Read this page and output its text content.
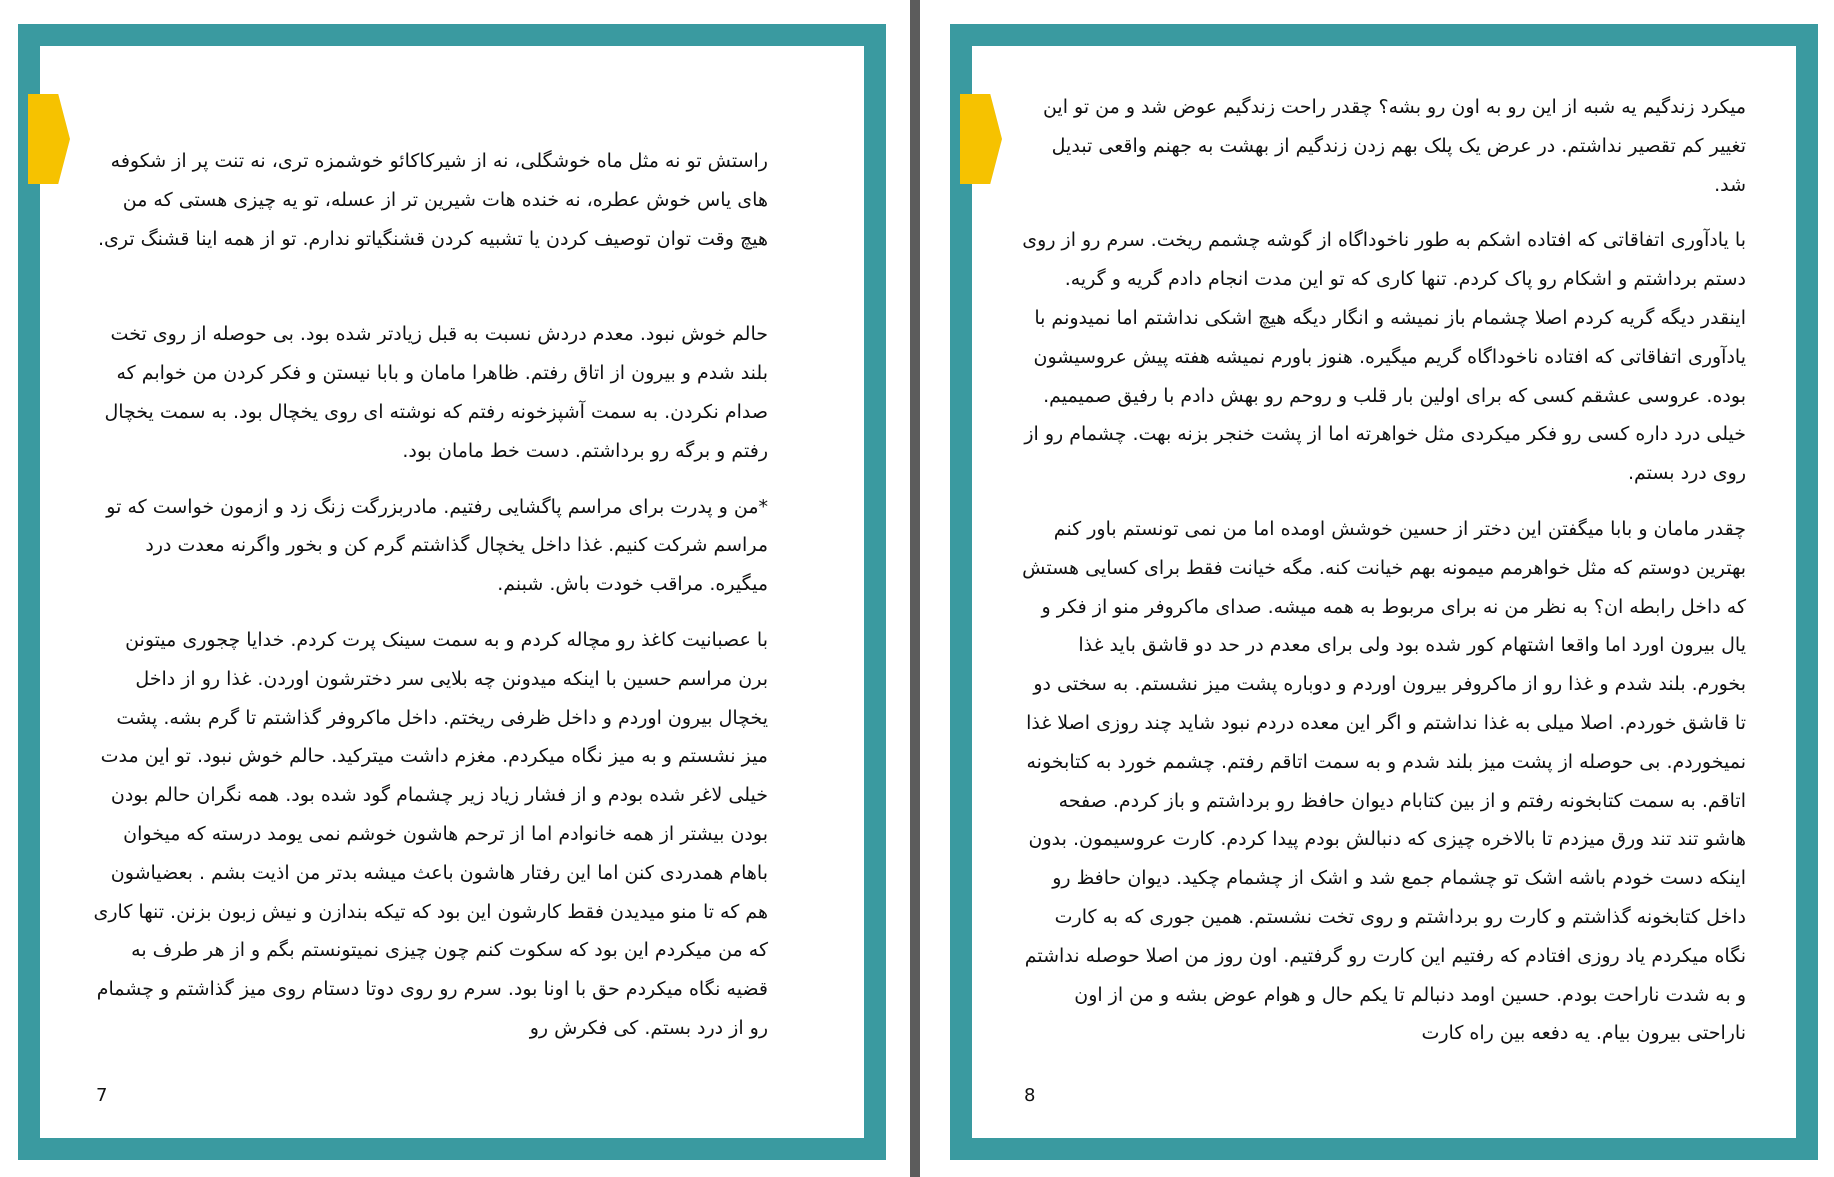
راستش تو نه مثل ماه خوشگلی، نه از شیرکاکائو خوشمزه تری، نه تنت پر از شکوفه های یاس خوش عطره، نه خنده هات شیرین تر از عسله، تو یه چیزی هستی که من هیچ وقت توان توصیف کردن یا تشبیه کردن قشنگیاتو ندارم. تو از همه اینا قشنگ تری.

حالم خوش نبود. معدم دردش نسبت به قبل زیادتر شده بود. بی حوصله از روی تخت بلند شدم و بیرون از اتاق رفتم. ظاهرا مامان و بابا نیستن و فکر کردن من خوابم که صدام نکردن. به سمت آشپزخونه رفتم که نوشته ای روی یخچال بود. به سمت یخچال رفتم و برگه رو برداشتم. دست خط مامان بود.

*من و پدرت برای مراسم پاگشایی رفتیم. مادربزرگت زنگ زد و ازمون خواست که تو مراسم شرکت کنیم. غذا داخل یخچال گذاشتم گرم کن و بخور واگرنه معدت درد میگیره. مراقب خودت باش. شبنم.

با عصبانیت کاغذ رو مچاله کردم و به سمت سینک پرت کردم. خدایا چجوری میتونن برن مراسم حسین با اینکه میدونن چه بلایی سر دخترشون اوردن. غذا رو از داخل یخچال بیرون اوردم و داخل ظرفی ریختم. داخل ماکروفر گذاشتم تا گرم بشه. پشت میز نشستم و به میز نگاه میکردم. مغزم داشت میترکید. حالم خوش نبود. تو این مدت خیلی لاغر شده بودم و از فشار زیاد زیر چشمام گود شده بود. همه نگران حالم بودن بودن بیشتر از همه خانوادم اما از ترحم هاشون خوشم نمی یومد درسته که میخوان باهام همدردی کنن اما این رفتار هاشون باعث میشه بدتر من اذیت بشم . بعضیاشون هم که تا منو میدیدن فقط کارشون این بود که تیکه بندازن و نیش زبون بزنن. تنها کاری که من میکردم این بود که سکوت کنم چون چیزی نمیتونستم بگم و از هر طرف به قضیه نگاه میکردم حق با اونا بود. سرم رو روی دوتا دستام روی میز گذاشتم و چشمام رو از درد بستم. کی فکرش رو

7

میکرد زندگیم یه شبه از این رو به اون رو بشه؟ چقدر راحت زندگیم عوض شد و من تو این تغییر کم تقصیر نداشتم. در عرض یک پلک بهم زدن زندگیم از بهشت به جهنم واقعی تبدیل شد.

با یادآوری اتفاقاتی که افتاده اشکم به طور ناخوداگاه از گوشه چشمم ریخت. سرم رو از روی دستم برداشتم و اشکام رو پاک کردم. تنها کاری که تو این مدت انجام دادم گریه و گریه. اینقدر دیگه گریه کردم اصلا چشمام باز نمیشه و انگار دیگه هیچ اشکی نداشتم اما نمیدونم با یادآوری اتفاقاتی که افتاده ناخوداگاه گریم میگیره. هنوز باورم نمیشه هفته پیش عروسیشون بوده. عروسی عشقم کسی که برای اولین بار قلب و روحم رو بهش دادم با رفیق صمیمیم. خیلی درد داره کسی رو فکر میکردی مثل خواهرته اما از پشت خنجر بزنه بهت. چشمام رو از روی درد بستم.

چقدر مامان و بابا میگفتن این دختر از حسین خوشش اومده اما من نمی تونستم باور کنم بهترین دوستم که مثل خواهرمم میمونه بهم خیانت کنه. مگه خیانت فقط برای کسایی هستش که داخل رابطه ان؟ به نظر من نه برای مربوط به همه میشه. صدای ماکروفر منو از فکر و یال بیرون اورد اما واقعا اشتهام کور شده بود ولی برای معدم در حد دو قاشق باید غذا بخورم. بلند شدم و غذا رو از ماکروفر بیرون اوردم و دوباره پشت میز نشستم. به سختی دو تا قاشق خوردم. اصلا میلی به غذا نداشتم و اگر این معده دردم نبود شاید چند روزی اصلا غذا نمیخوردم. بی حوصله از پشت میز بلند شدم و به سمت اتاقم رفتم. چشمم خورد به کتابخونه اتاقم. به سمت کتابخونه رفتم و از بین کتابام دیوان حافظ رو برداشتم و باز کردم. صفحه هاشو تند تند ورق میزدم تا بالاخره چیزی که دنبالش بودم پیدا کردم. کارت عروسیمون. بدون اینکه دست خودم باشه اشک تو چشمام جمع شد و اشک از چشمام چکید. دیوان حافظ رو داخل کتابخونه گذاشتم و کارت رو برداشتم و روی تخت نشستم. همین جوری که به کارت نگاه میکردم یاد روزی افتادم که رفتیم این کارت رو گرفتیم. اون روز من اصلا حوصله نداشتم و به شدت ناراحت بودم. حسین اومد دنبالم تا یکم حال و هوام عوض بشه و من از اون ناراحتی بیرون بیام. یه دفعه بین راه کارت

8
